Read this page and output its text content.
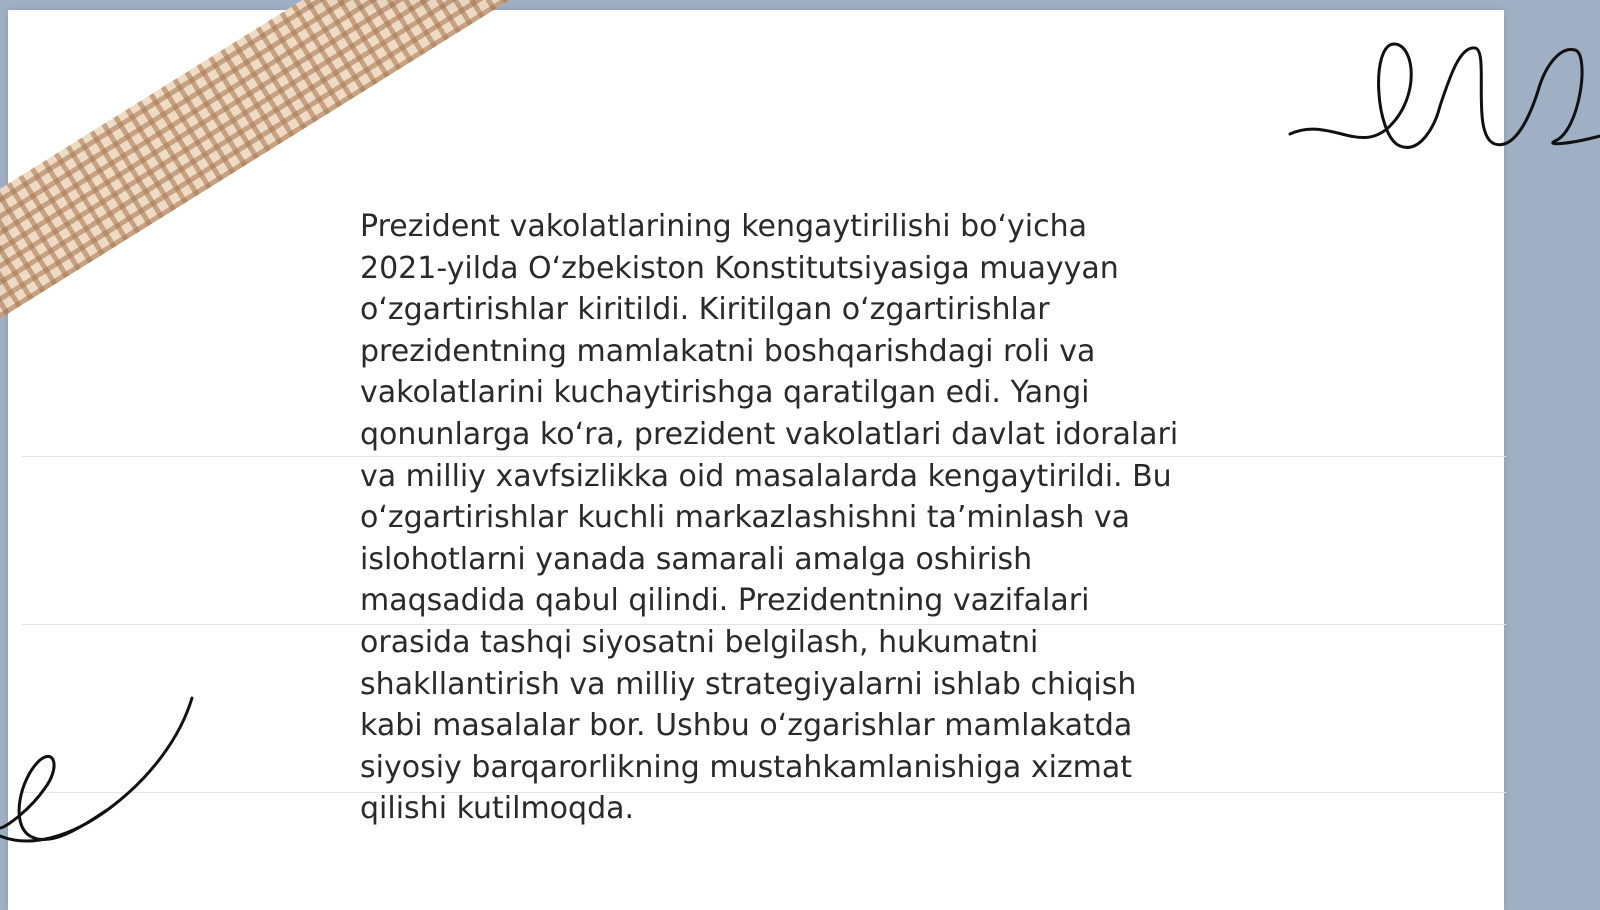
Prezident vakolatlarining kengaytirilishi bo‘yicha
2021-yilda O‘zbekiston Konstitutsiyasiga muayyan
o‘zgartirishlar kiritildi. Kiritilgan o‘zgartirishlar
prezidentning mamlakatni boshqarishdagi roli va
vakolatlarini kuchaytirishga qaratilgan edi. Yangi
qonunlarga ko‘ra, prezident vakolatlari davlat idoralari
va milliy xavfsizlikka oid masalalarda kengaytirildi. Bu
o‘zgartirishlar kuchli markazlashishni ta’minlash va
islohotlarni yanada samarali amalga oshirish
maqsadida qabul qilindi. Prezidentning vazifalari
orasida tashqi siyosatni belgilash, hukumatni
shakllantirish va milliy strategiyalarni ishlab chiqish
kabi masalalar bor. Ushbu o‘zgarishlar mamlakatda
siyosiy barqarorlikning mustahkamlanishiga xizmat
qilishi kutilmoqda.
